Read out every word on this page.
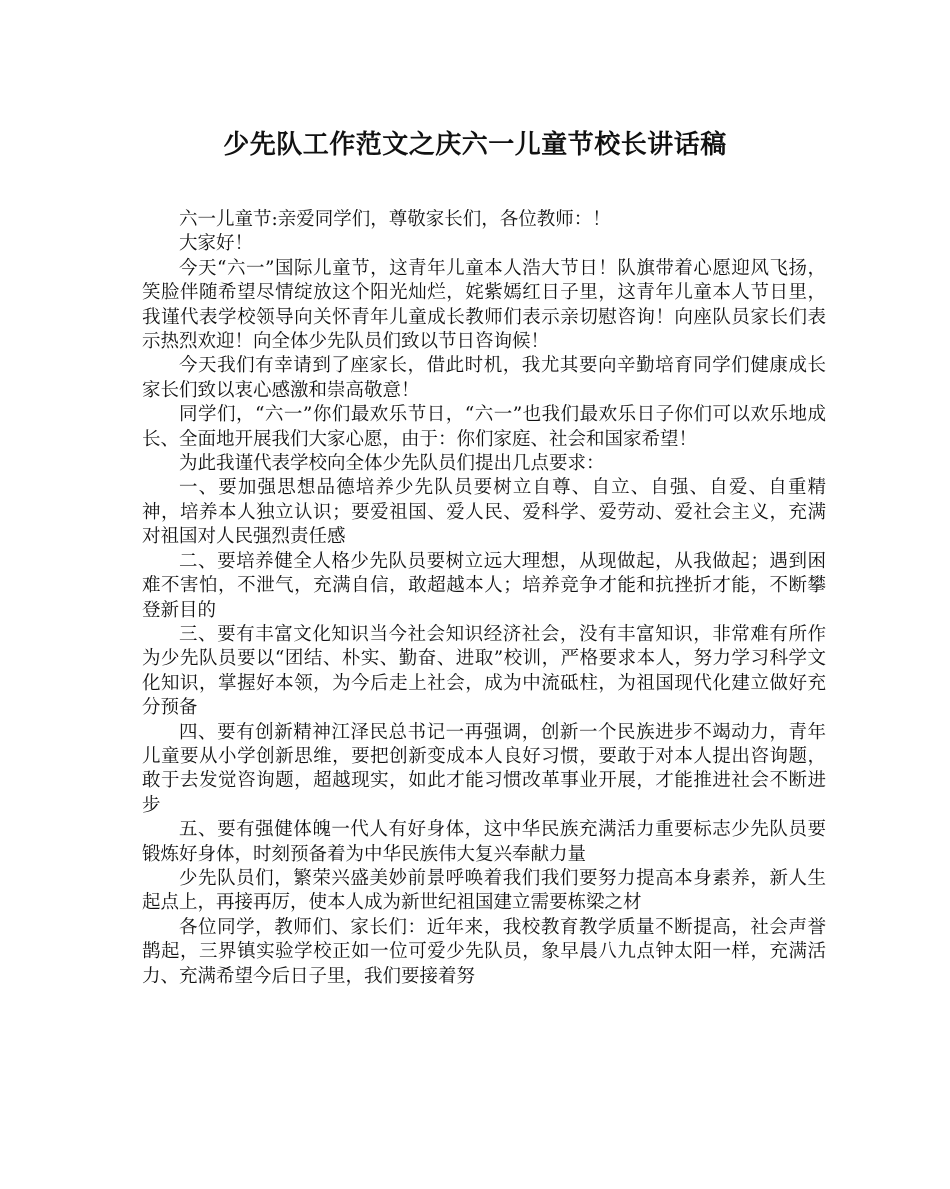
少先队工作范文之庆六一儿童节校长讲话稿

六一儿童节:亲爱同学们，尊敬家长们，各位教师：！

大家好！

今天“六一”国际儿童节，这青年儿童本人浩大节日！队旗带着心愿迎风飞扬，笑脸伴随希望尽情绽放这个阳光灿烂，姹紫嫣红日子里，这青年儿童本人节日里，我谨代表学校领导向关怀青年儿童成长教师们表示亲切慰咨询！向座队员家长们表示热烈欢迎！向全体少先队员们致以节日咨询候！

今天我们有幸请到了座家长，借此时机，我尤其要向辛勤培育同学们健康成长家长们致以衷心感激和崇高敬意！

同学们，“六一”你们最欢乐节日，“六一”也我们最欢乐日子你们可以欢乐地成长、全面地开展我们大家心愿，由于：你们家庭、社会和国家希望！

为此我谨代表学校向全体少先队员们提出几点要求：

一、要加强思想品德培养少先队员要树立自尊、自立、自强、自爱、自重精神，培养本人独立认识；要爱祖国、爱人民、爱科学、爱劳动、爱社会主义，充满对祖国对人民强烈责任感

二、要培养健全人格少先队员要树立远大理想，从现做起，从我做起；遇到困难不害怕，不泄气，充满自信，敢超越本人；培养竞争才能和抗挫折才能，不断攀登新目的

三、要有丰富文化知识当今社会知识经济社会，没有丰富知识，非常难有所作为少先队员要以“团结、朴实、勤奋、进取”校训，严格要求本人，努力学习科学文化知识，掌握好本领，为今后走上社会，成为中流砥柱，为祖国现代化建立做好充分预备

四、要有创新精神江泽民总书记一再强调，创新一个民族进步不竭动力，青年儿童要从小学创新思维，要把创新变成本人良好习惯，要敢于对本人提出咨询题，敢于去发觉咨询题，超越现实，如此才能习惯改革事业开展，才能推进社会不断进步

五、要有强健体魄一代人有好身体，这中华民族充满活力重要标志少先队员要锻炼好身体，时刻预备着为中华民族伟大复兴奉献力量

少先队员们，繁荣兴盛美妙前景呼唤着我们我们要努力提高本身素养，新人生起点上，再接再厉，使本人成为新世纪祖国建立需要栋梁之材

各位同学，教师们、家长们：近年来，我校教育教学质量不断提高，社会声誉鹊起，三界镇实验学校正如一位可爱少先队员，象早晨八九点钟太阳一样，充满活力、充满希望今后日子里，我们要接着努
